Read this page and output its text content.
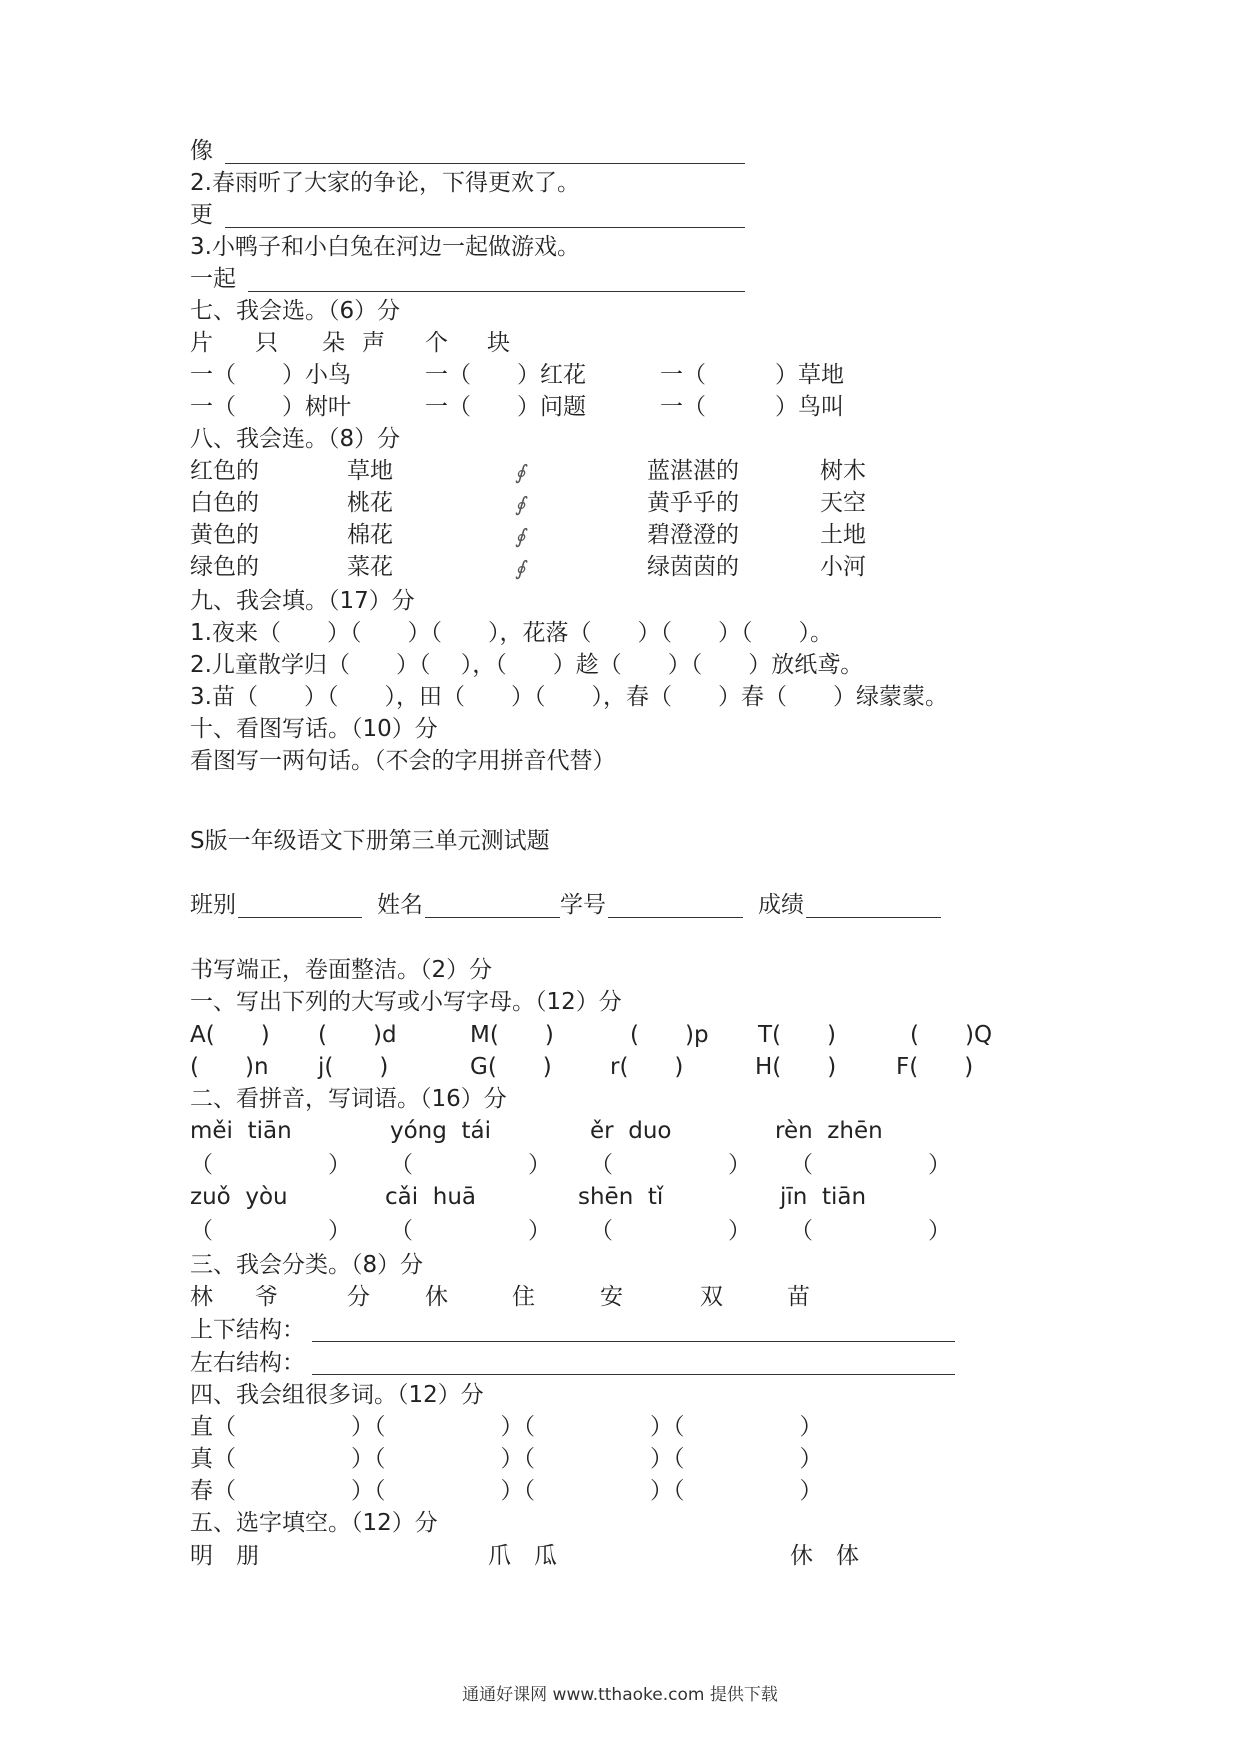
像
2.春雨听了大家的争论，下得更欢了。
更
3.小鸭子和小白兔在河边一起做游戏。
一起
七、我会选。（6）分
片 只 朵 声 个 块
一（　　）小鸟	一（　　）红花	一（　　　）草地
一（　　）树叶	一（　　）问题	一（　　　）鸟叫
八、我会连。（8）分
红色的	草地	∮	蓝湛湛的	树木
白色的	桃花	∮	黄乎乎的	天空
黄色的	棉花	∮	碧澄澄的	土地
绿色的	菜花	∮	绿茵茵的	小河
九、我会填。（17）分
1.夜来（　　）（　　）（　　），花落（　　）（　　）（　　）。
2.儿童散学归（　　）（　 ），（　　）趁（　　）（　　）放纸鸢。
3.苗（　　）（　　），田（　　）（　　），春（　　）春（　　）绿蒙蒙。
十、看图写话。（10）分
看图写一两句话。（不会的字用拼音代替）
S版一年级语文下册第三单元测试题
班别	姓名	学号	成绩
书写端正，卷面整洁。（2）分
一、写出下列的大写或小写字母。（12）分
A(　　) (　　)d	M(　　)	(　　)p T(　　)	(　　)Q
(　　)n j(　　)	G(　　)	r(　　)	H(　　)	F(　　)
二、看拼音，写词语。（16）分
měi  tiān	yóng  tái	ěr  duo	rèn  zhēn
（　　　　　） （　　　　　） （　　　　　） （　　　　　）
zuǒ  yòu	cǎi  huā	shēn  tǐ	jīn  tiān
（　　　　　） （　　　　　） （　　　　　） （　　　　　）
三、我会分类。（8）分
林 爷	分 休	住	安	双	苗
上下结构：
左右结构：
四、我会组很多词。（12）分
直（　　　　　）（　　　　　）（　　　　　）（　　　　　）
真（　　　　　）（　　　　　）（　　　　　）（　　　　　）
春（　　　　　）（　　　　　）（　　　　　）（　　　　　）
五、选字填空。（12）分
明　朋	爪　瓜	休　体
通通好课网 www.tthaoke.com 提供下载
